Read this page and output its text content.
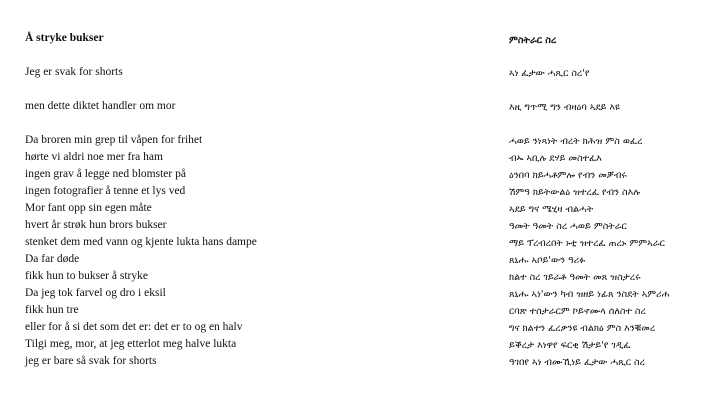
Å stryke bukser
Jeg er svak for shorts
men dette diktet handler om mor
Da broren min grep til våpen for frihet
hørte vi aldri noe mer fra ham
ingen grav å legge ned blomster på
ingen fotografier å tenne et lys ved
Mor fant opp sin egen måte
hvert år strøk hun brors bukser
stenket dem med vann og kjente lukta hans dampe
Da far døde
fikk hun to bukser å stryke
Da jeg tok farvel og dro i eksil
fikk hun tre
eller for å si det som det er: det er to og en halv
Tilgi meg, mor, at jeg etterlot meg halve lukta
jeg er bare så svak for shorts
ምስትራር ስረ
ኣነ ፈታው ሓጺር ስረ'የ
እዚ ግጥሚ ግን ብዛዕባ ኣደይ እዩ
ሓወይ ንነጻነት ብረት ክሕዝ ምስ ወፈረ
ብኡ ኣቢሉ ደሃይ መስተፈእ
ዕንበባ ክይሓቶምሎ የብን መቓብሩ
ሽምዓ ክይትውልዕ ዝተረፈ የብን ስእሉ
ኣደይ ግና ሜሂዛ ብልሓት
ዓመት ዓመት ስረ ሓወይ ምስትራር
ማይ ፕረብረበት ኑቲ ዝተረፈ ጠረኑ ምምኣራር
ጸኒሑ ኣቦይ'ውን ዓሪፉ
ክልተ ስረ ገይራቶ ዓመት መጸ ዝስታረሩ
ጸኒሑ ኣነ'ውን ካብ ዝዘይ ነፊጸ ንስደት ኣምሪሐ
ርባጽ ተሰታራርም ኮይኖሙላ ሰለስተ ስረ
ግና ክልተን ፈረቃንዩ ብልክዕ ምስ እንቑመረ
ይቕረታ እነዋየ ፍርቂ ሽታይ'የ ገዲፈ
ዓገበየ ኣነ ብሙኺነይ ፈታው ሓጺር ስረ
